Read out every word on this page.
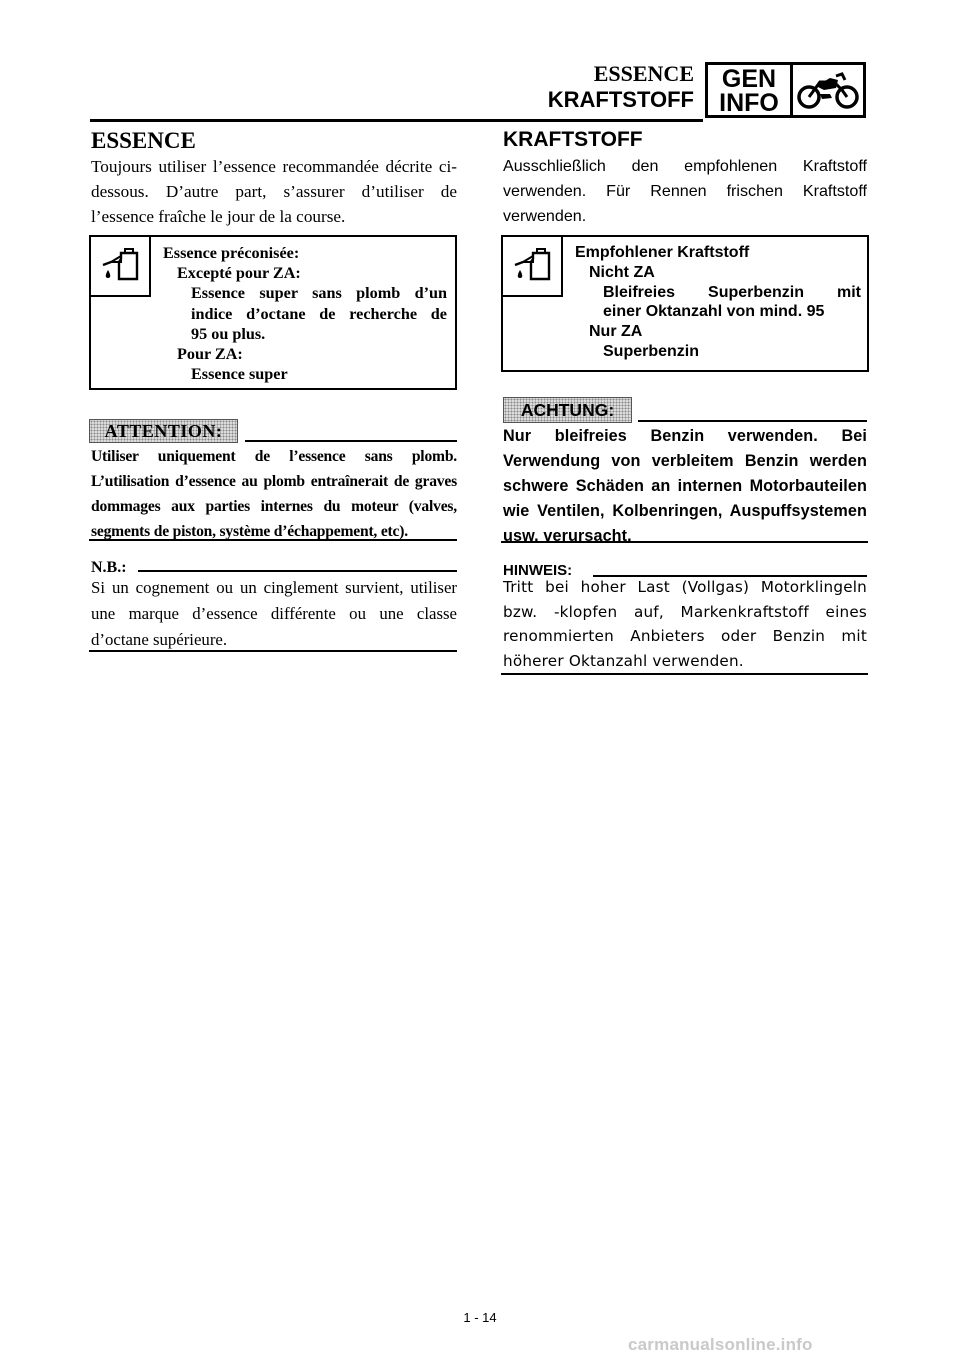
ESSENCE
KRAFTSTOFF
GEN
INFO
ESSENCE
Toujours utiliser l’essence recommandée décrite ci-dessous. D’autre part, s’assurer d’utiliser de l’essence fraîche le jour de la course.
Essence préconisée:
Excepté pour ZA:
Essence super sans plomb d’un
indice d’octane de recherche de
95 ou plus.
Pour ZA:
Essence super
ATTENTION:
Utiliser uniquement de l’essence sans plomb. L’utilisation d’essence au plomb entraînerait de graves dommages aux parties internes du moteur (valves, segments de piston, système d’échappement, etc).
N.B.:
Si un cognement ou un cinglement survient, utiliser une marque d’essence différente ou une classe d’octane supérieure.
KRAFTSTOFF
Ausschließlich den empfohlenen Kraftstoff verwenden. Für Rennen frischen Kraftstoff verwenden.
Empfohlener Kraftstoff
Nicht ZA
Bleifreies Superbenzin mit
einer Oktanzahl von mind. 95
Nur ZA
Superbenzin
ACHTUNG:
Nur bleifreies Benzin verwenden. Bei Verwendung von verbleitem Benzin werden schwere Schäden an internen Motorbauteilen wie Ventilen, Kolbenringen, Auspuffsystemen usw. verursacht.
HINWEIS:
Tritt bei hoher Last (Vollgas) Motorklingeln bzw. -klopfen auf, Markenkraftstoff eines renommierten Anbieters oder Benzin mit höherer Oktanzahl verwenden.
1 - 14
carmanualsonline.info
